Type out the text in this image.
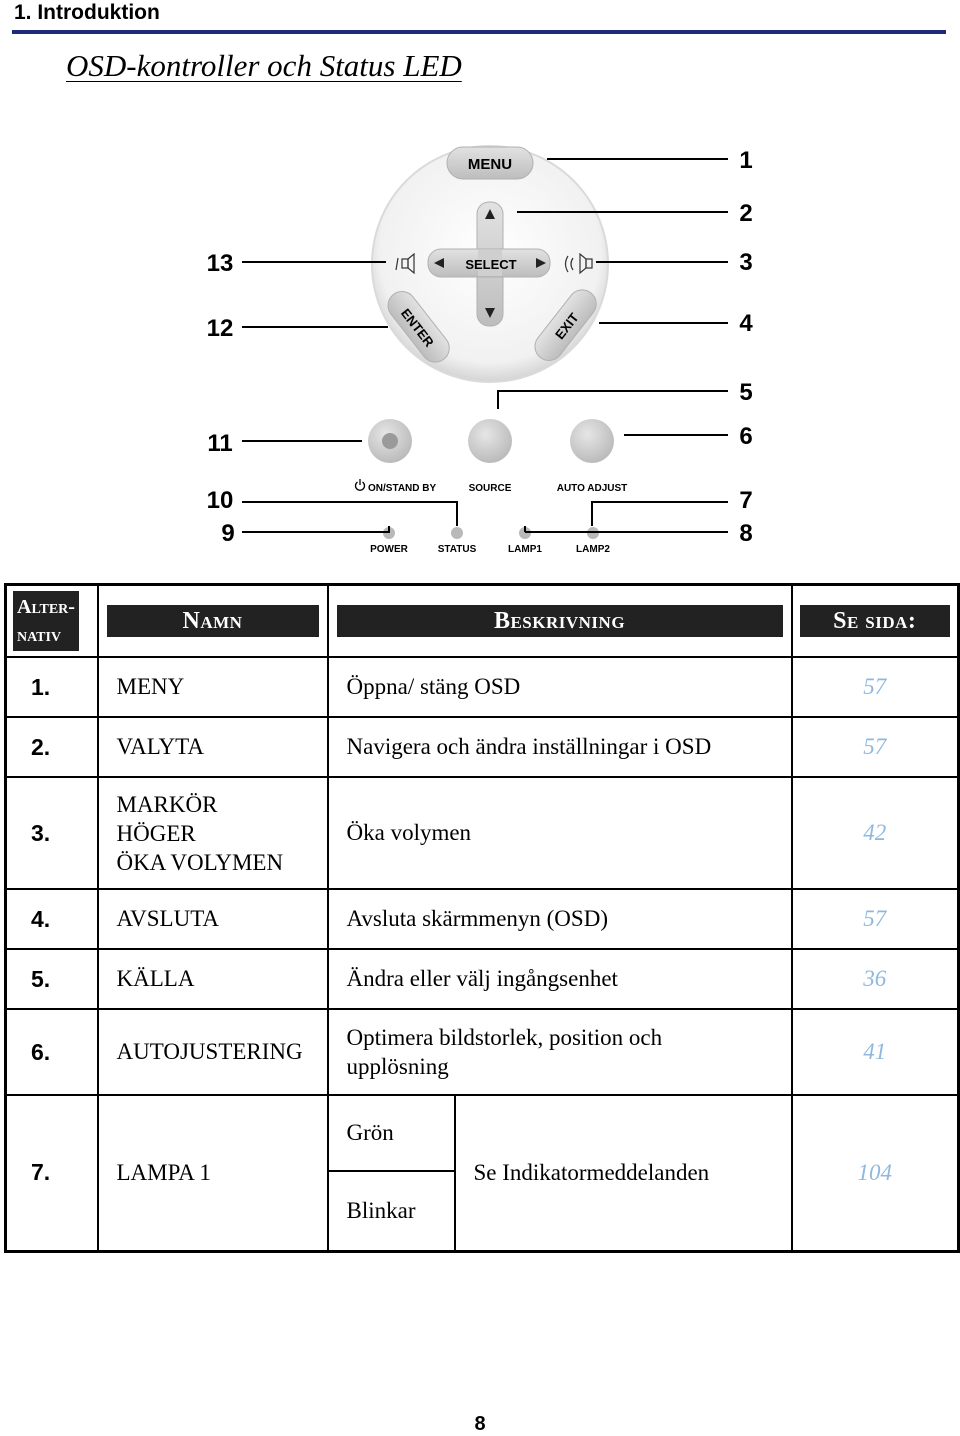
1. Introduktion
OSD-kontroller och Status LED
MENU
SELECT
ENTER	EXIT
ON/STAND BY	SOURCE	AUTO ADJUST
POWER	STATUS	LAMP1	LAMP2
1
2
3
4
5
6
7
8
9
10
11
12
13
Alter-
nativ	Namn	Beskrivning		Se sida:
1.	MENY	Öppna/ stäng OSD		57
2.	VALYTA	Navigera och ändra inställningar i OSD		57
3.	MARKÖR
HÖGER
ÖKA VOLYMEN	Öka volymen		42
4.	AVSLUTA	Avsluta skärmmenyn (OSD)		57
5.	KÄLLA	Ändra eller välj ingångsenhet		36
6.	AUTOJUSTERING	Optimera bildstorlek, position och
upplösning		41
7.	LAMPA 1	Grön	Se Indikatormeddelanden	104
		Blinkar		
8
